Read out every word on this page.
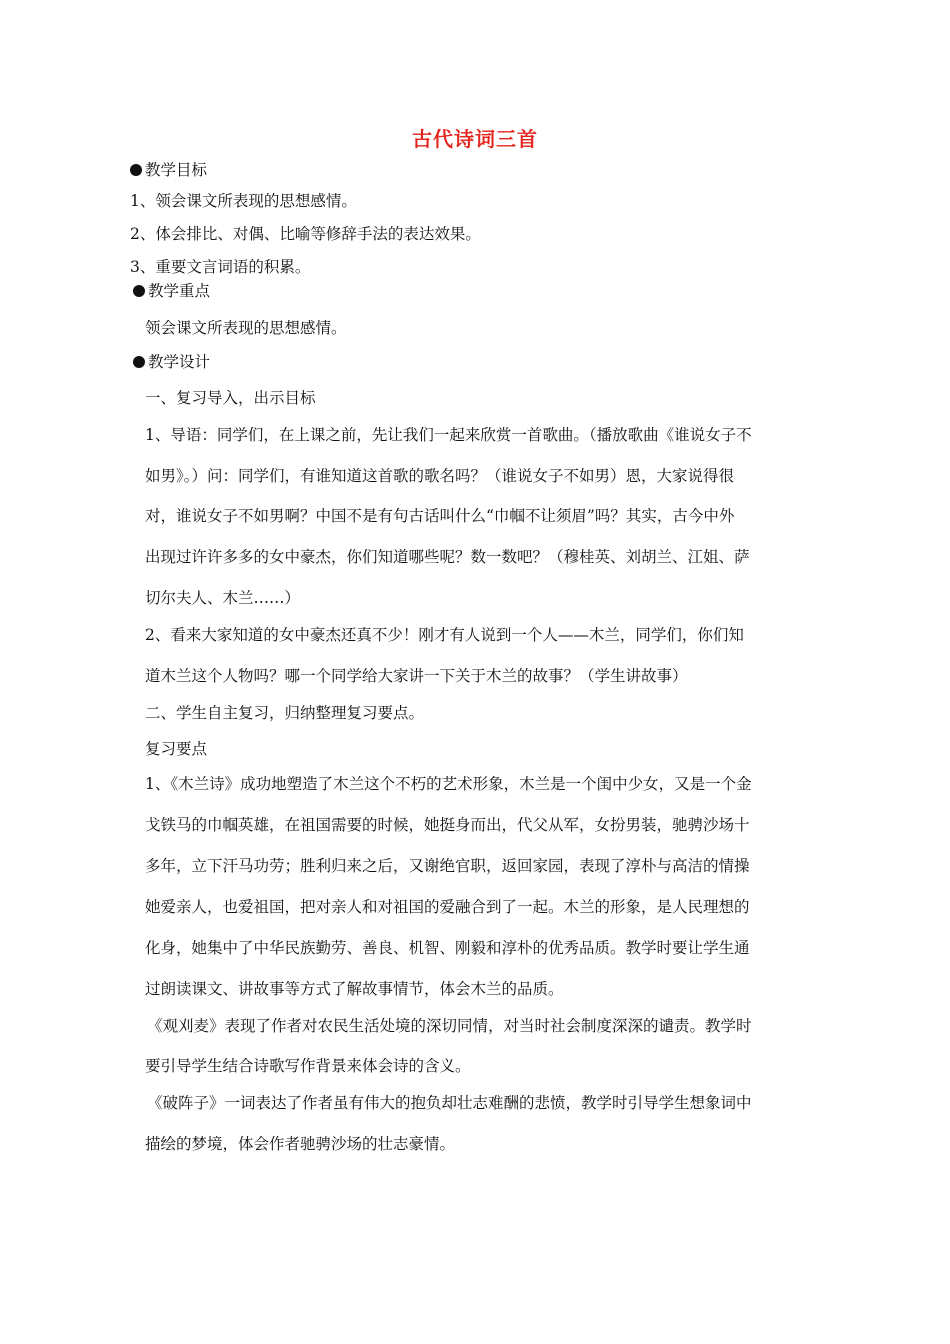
古代诗词三首
教学目标
1、领会课文所表现的思想感情。
2、体会排比、对偶、比喻等修辞手法的表达效果。
3、重要文言词语的积累。
教学重点
领会课文所表现的思想感情。
教学设计
一、复习导入，出示目标
1、导语：同学们，在上课之前，先让我们一起来欣赏一首歌曲。（播放歌曲《谁说女子不
如男》。）问：同学们，有谁知道这首歌的歌名吗？（谁说女子不如男）恩，大家说得很
对，谁说女子不如男啊？中国不是有句古话叫什么“巾帼不让须眉”吗？其实，古今中外
出现过许许多多的女中豪杰，你们知道哪些呢？数一数吧？（穆桂英、刘胡兰、江姐、萨
切尔夫人、木兰……）
2、看来大家知道的女中豪杰还真不少！刚才有人说到一个人——木兰，同学们，你们知
道木兰这个人物吗？哪一个同学给大家讲一下关于木兰的故事？（学生讲故事）
二、学生自主复习，归纳整理复习要点。
复习要点
1、《木兰诗》成功地塑造了木兰这个不朽的艺术形象，木兰是一个闺中少女，又是一个金
戈铁马的巾帼英雄，在祖国需要的时候，她挺身而出，代父从军，女扮男装，驰骋沙场十
多年，立下汗马功劳；胜利归来之后，又谢绝官职，返回家园，表现了淳朴与高洁的情操
她爱亲人，也爱祖国，把对亲人和对祖国的爱融合到了一起。木兰的形象，是人民理想的
化身，她集中了中华民族勤劳、善良、机智、刚毅和淳朴的优秀品质。教学时要让学生通
过朗读课文、讲故事等方式了解故事情节，体会木兰的品质。
《观刈麦》表现了作者对农民生活处境的深切同情，对当时社会制度深深的谴责。教学时
要引导学生结合诗歌写作背景来体会诗的含义。
《破阵子》一词表达了作者虽有伟大的抱负却壮志难酬的悲愤，教学时引导学生想象词中
描绘的梦境，体会作者驰骋沙场的壮志豪情。
